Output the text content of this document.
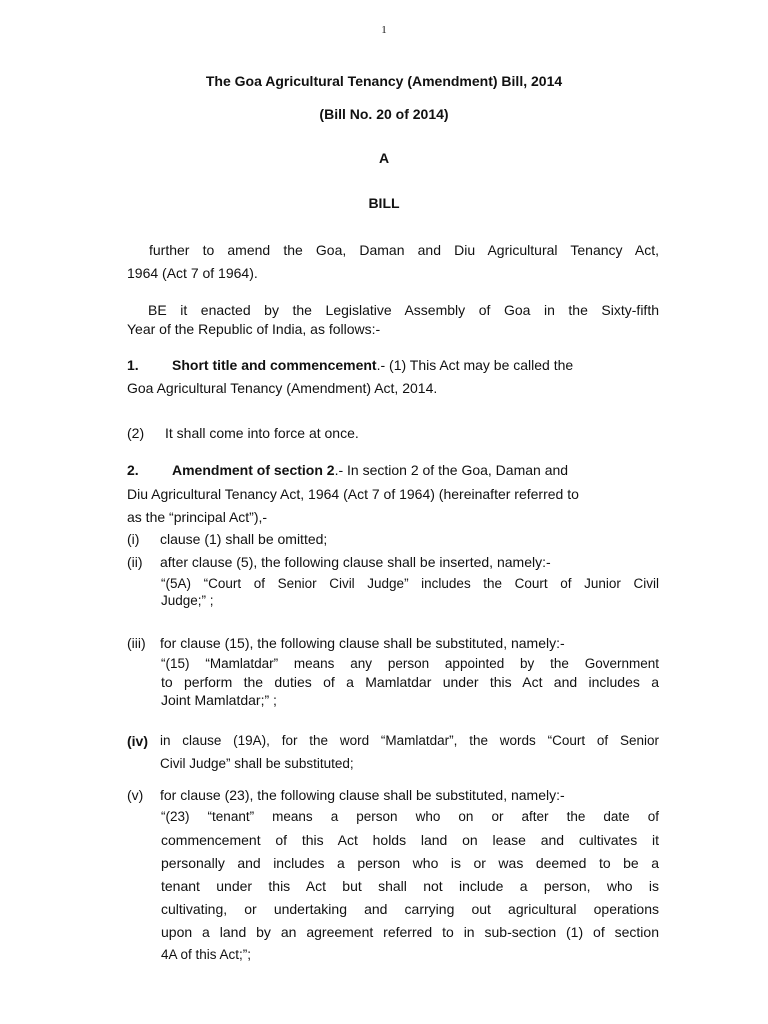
1
The Goa Agricultural Tenancy (Amendment) Bill, 2014
(Bill No. 20 of 2014)
A
BILL
further to amend the Goa, Daman and Diu Agricultural Tenancy Act,
1964 (Act 7 of 1964).
BE it enacted by the Legislative Assembly of Goa in the Sixty-fifth
Year of the Republic of India, as follows:-
1. Short title and commencement.- (1) This Act may be called the
Goa Agricultural Tenancy (Amendment) Act, 2014.
(2) It shall come into force at once.
2. Amendment of section 2.- In section 2 of the Goa, Daman and
Diu Agricultural Tenancy Act, 1964 (Act 7 of 1964) (hereinafter referred to
as the “principal Act”),-
(i) clause (1) shall be omitted;
(ii) after clause (5), the following clause shall be inserted, namely:-
“(5A) “Court of Senior Civil Judge” includes the Court of Junior Civil
Judge;” ;
(iii) for clause (15), the following clause shall be substituted, namely:-
“(15) “Mamlatdar” means any person appointed by the Government
to perform the duties of a Mamlatdar under this Act and includes a
Joint Mamlatdar;” ;
(iv) in clause (19A), for the word “Mamlatdar”, the words “Court of Senior
Civil Judge” shall be substituted;
(v) for clause (23), the following clause shall be substituted, namely:-
“(23) “tenant” means a person who on or after the date of
commencement of this Act holds land on lease and cultivates it
personally and includes a person who is or was deemed to be a
tenant under this Act but shall not include a person, who is
cultivating, or undertaking and carrying out agricultural operations
upon a land by an agreement referred to in sub-section (1) of section
4A of this Act;”;
